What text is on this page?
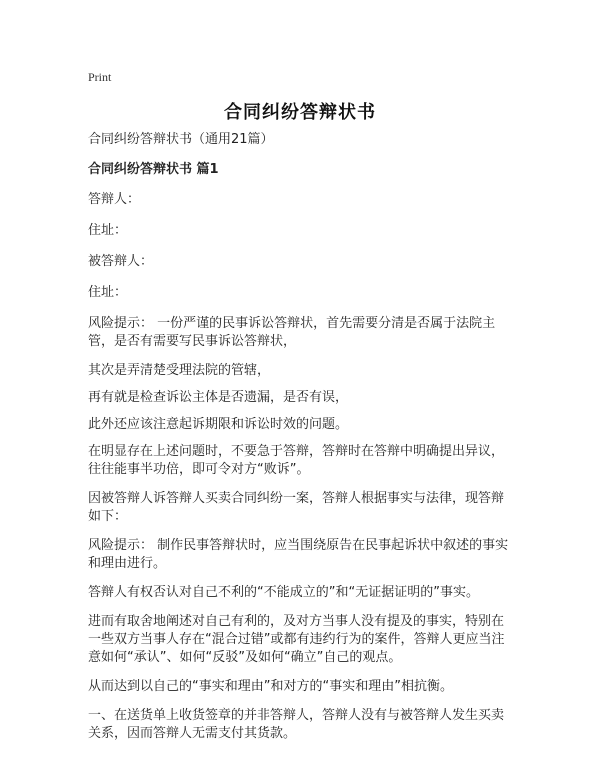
Print
合同纠纷答辩状书

合同纠纷答辩状书（通用21篇）

合同纠纷答辩状书 篇1

答辩人：

住址：

被答辩人：

住址：

风险提示： 一份严谨的民事诉讼答辩状，首先需要分清是否属于法院主管，是否有需要写民事诉讼答辩状，

其次是弄清楚受理法院的管辖，

再有就是检查诉讼主体是否遗漏，是否有误，

此外还应该注意起诉期限和诉讼时效的问题。

在明显存在上述问题时，不要急于答辩，答辩时在答辩中明确提出异议，往往能事半功倍，即可令对方“败诉”。

因被答辩人诉答辩人买卖合同纠纷一案，答辩人根据事实与法律，现答辩如下：

风险提示： 制作民事答辩状时，应当围绕原告在民事起诉状中叙述的事实和理由进行。

答辩人有权否认对自己不利的“不能成立的”和“无证据证明的”事实。

进而有取舍地阐述对自己有利的，及对方当事人没有提及的事实，特别在一些双方当事人存在“混合过错”或都有违约行为的案件，答辩人更应当注意如何“承认”、如何“反驳”及如何“确立”自己的观点。

从而达到以自己的“事实和理由”和对方的“事实和理由”相抗衡。

一、在送货单上收货签章的并非答辩人，答辩人没有与被答辩人发生买卖关系，因而答辩人无需支付其货款。
